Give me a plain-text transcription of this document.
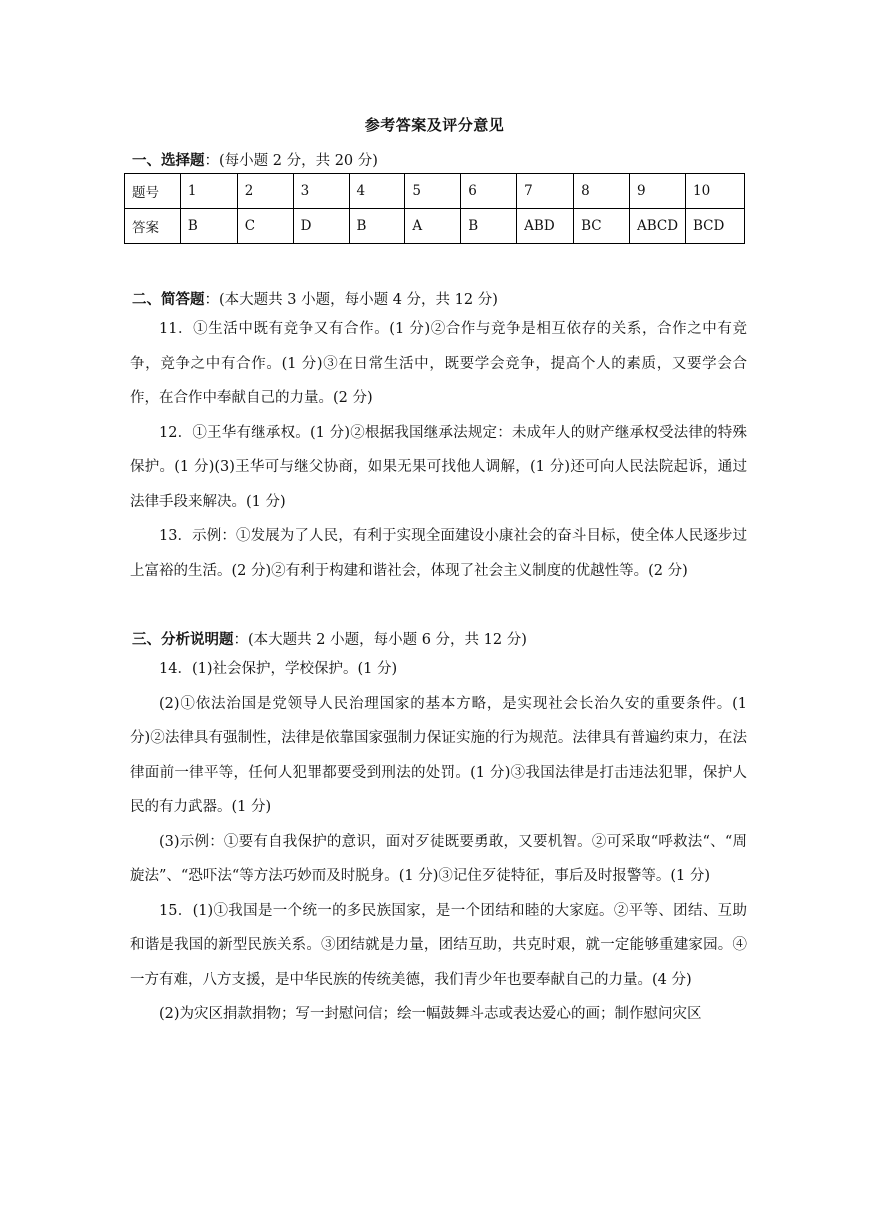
参考答案及评分意见
一、选择题：(每小题 2 分，共 20 分)
题号	1	2	3	4	5	6	7	8	9	10
答案	B	C	D	B	A	B	ABD	BC	ABCD	BCD
二、简答题：(本大题共 3 小题，每小题 4 分，共 12 分)

11．①生活中既有竞争又有合作。(1 分)②合作与竞争是相互依存的关系，合作之中有竞争，竞争之中有合作。(1 分)③在日常生活中，既要学会竞争，提高个人的素质，又要学会合作，在合作中奉献自己的力量。(2 分)

12．①王华有继承权。(1 分)②根据我国继承法规定：未成年人的财产继承权受法律的特殊保护。(1 分)(3)王华可与继父协商，如果无果可找他人调解，(1 分)还可向人民法院起诉，通过法律手段来解决。(1 分)

13．示例：①发展为了人民，有利于实现全面建设小康社会的奋斗目标，使全体人民逐步过上富裕的生活。(2 分)②有利于构建和谐社会，体现了社会主义制度的优越性等。(2 分)

三、分析说明题：(本大题共 2 小题，每小题 6 分，共 12 分)

14．(1)社会保护，学校保护。(1 分)

(2)①依法治国是党领导人民治理国家的基本方略，是实现社会长治久安的重要条件。(1 分)②法律具有强制性，法律是依靠国家强制力保证实施的行为规范。法律具有普遍约束力，在法律面前一律平等，任何人犯罪都要受到刑法的处罚。(1 分)③我国法律是打击违法犯罪，保护人民的有力武器。(1 分)

(3)示例：①要有自我保护的意识，面对歹徒既要勇敢，又要机智。②可采取“呼救法“、“周旋法”、“恐吓法“等方法巧妙而及时脱身。(1 分)③记住歹徒特征，事后及时报警等。(1 分)

15．(1)①我国是一个统一的多民族国家，是一个团结和睦的大家庭。②平等、团结、互助和谐是我国的新型民族关系。③团结就是力量，团结互助，共克时艰，就一定能够重建家园。④一方有难，八方支援，是中华民族的传统美德，我们青少年也要奉献自己的力量。(4 分)

(2)为灾区捐款捐物；写一封慰问信；绘一幅鼓舞斗志或表达爱心的画；制作慰问灾区
